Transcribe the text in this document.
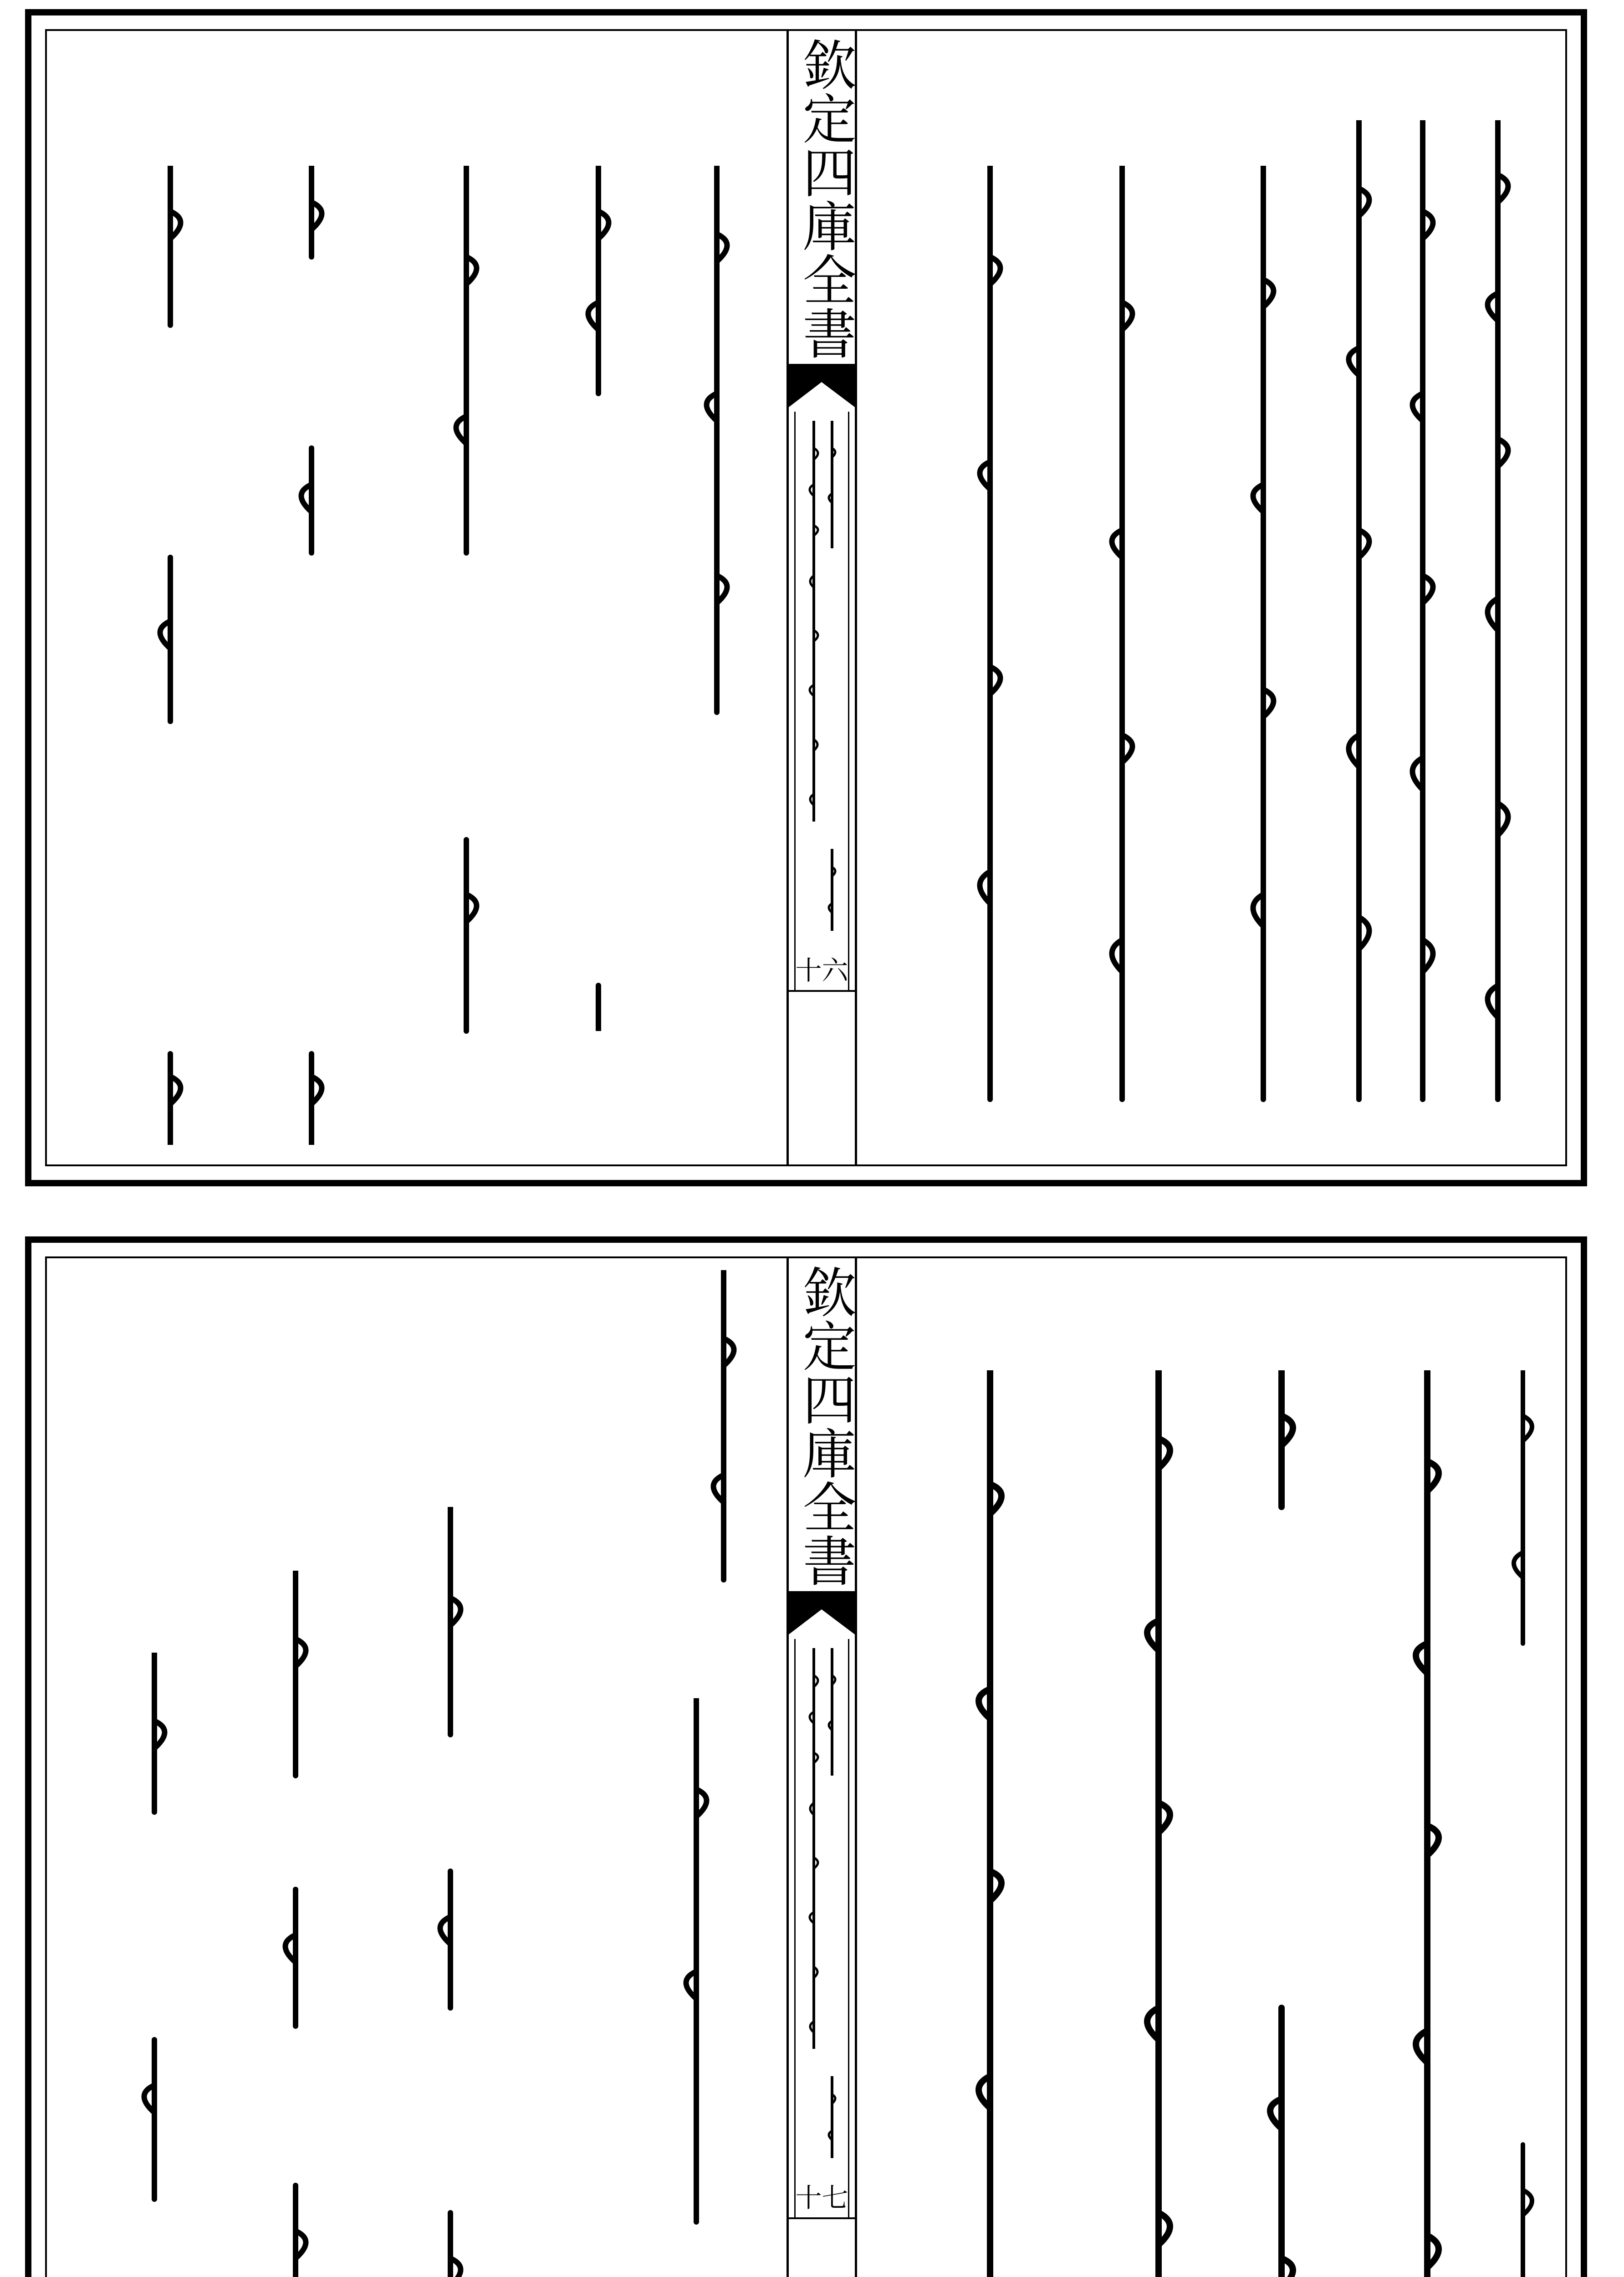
欽定四庫全書
十六
欽定四庫全書
十七
